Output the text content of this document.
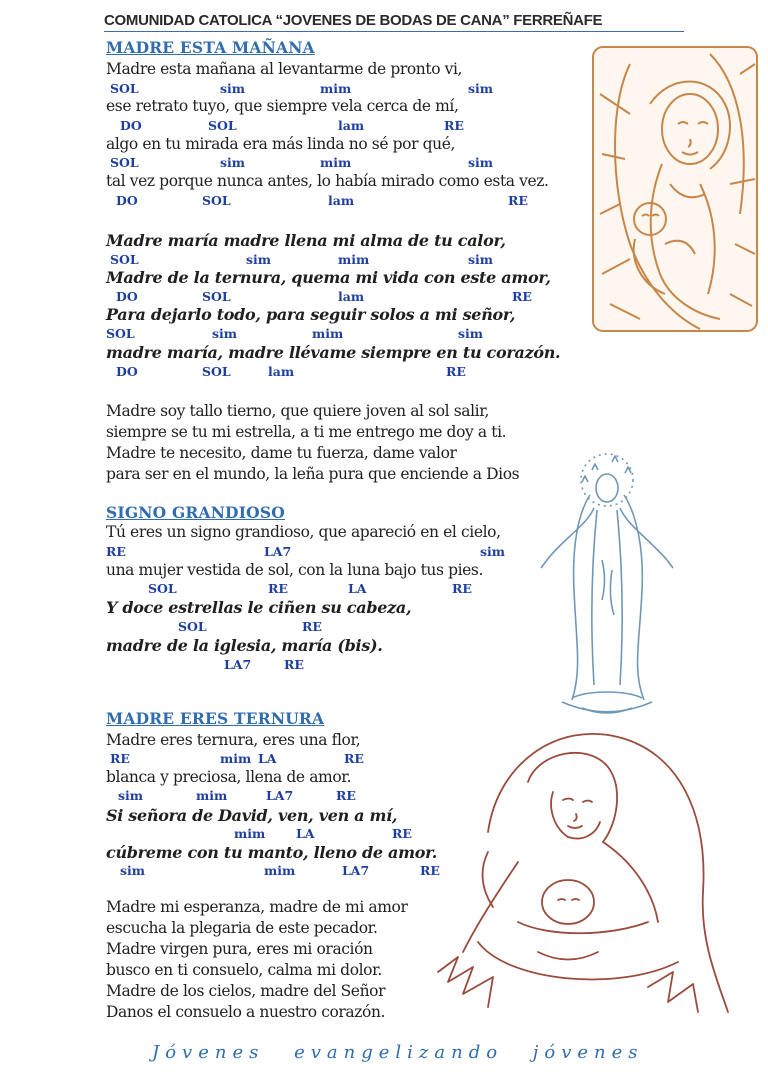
COMUNIDAD CATOLICA “JOVENES DE BODAS DE CANA” FERREÑAFE
MADRE ESTA MAÑANA
Madre esta mañana al levantarme de pronto vi,
SOL	sim	mim	sim
ese retrato tuyo, que siempre vela cerca de mí,
DO	SOL	lam	RE
algo en tu mirada era más linda no sé por qué,
SOL	sim	mim	sim
tal vez porque nunca antes, lo había mirado como esta vez.
DO	SOL	lam	RE
Madre maría madre llena mi alma de tu calor,
SOL	sim	mim	sim
Madre de la ternura, quema mi vida con este amor,
DO	SOL	lam	RE
Para dejarlo todo, para seguir solos a mi señor,
SOL	sim	mim	sim
madre maría, madre llévame siempre en tu corazón.
DO	SOL	lam	RE
Madre soy tallo tierno, que quiere joven al sol salir,
siempre se tu mi estrella, a ti me entrego me doy a ti.
Madre te necesito, dame tu fuerza, dame valor
para ser en el mundo, la leña pura que enciende a Dios
SIGNO GRANDIOSO
Tú eres un signo grandioso, que apareció en el cielo,
RE	LA7	sim
una mujer vestida de sol, con la luna bajo tus pies.
SOL	RE	LA	RE
Y doce estrellas le ciñen su cabeza,
SOL	RE
madre de la iglesia, maría (bis).
LA7	RE
MADRE ERES TERNURA
Madre eres ternura, eres una flor,
RE	mim LA	RE
blanca y preciosa, llena de amor.
sim	mim	LA7	RE
Si señora de David, ven, ven a mí,
mim LA	RE
cúbreme con tu manto, lleno de amor.
sim	mim	LA7	RE
Madre mi esperanza, madre de mi amor
escucha la plegaria de este pecador.
Madre virgen pura, eres mi oración
busco en ti consuelo, calma mi dolor.
Madre de los cielos, madre del Señor
Danos el consuelo a nuestro corazón.
Jóvenes evangelizando jóvenes
